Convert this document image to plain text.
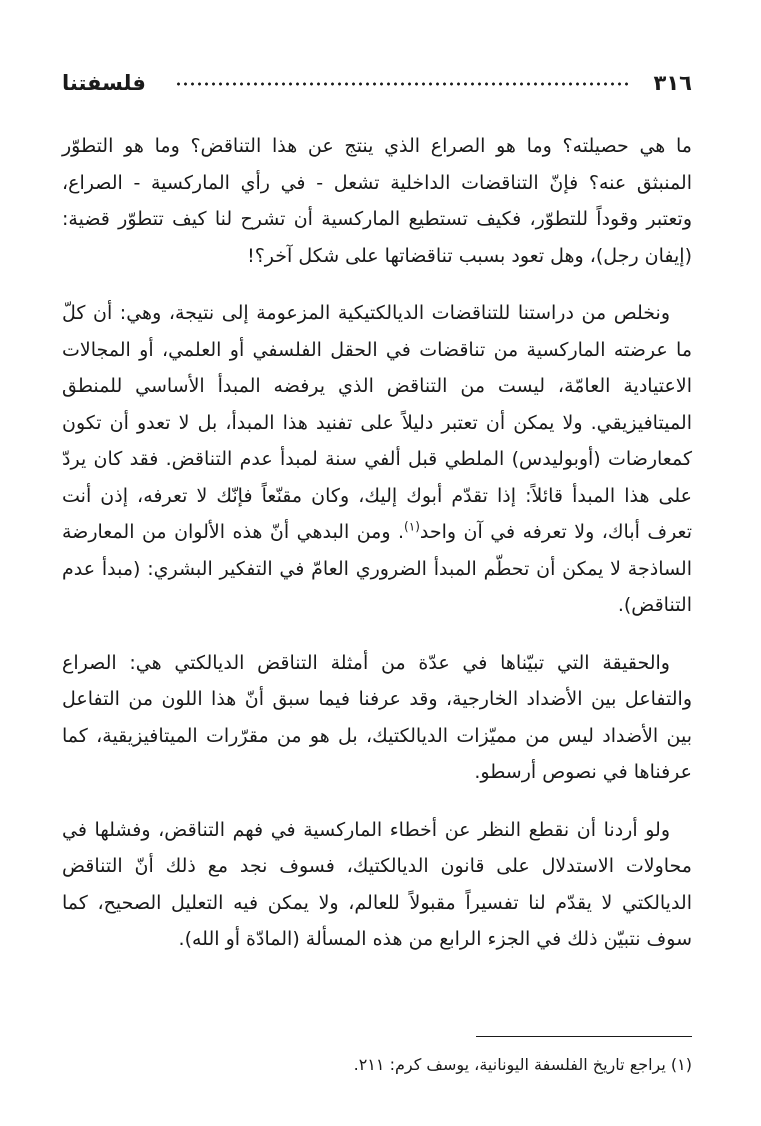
٣١٦
فلسفتنا

ما هي حصيلته؟ وما هو الصراع الذي ينتج عن هذا التناقض؟ وما هو التطوّر المنبثق عنه؟ فإنّ التناقضات الداخلية تشعل - في رأي الماركسية - الصراع، وتعتبر وقوداً للتطوّر، فكيف تستطيع الماركسية أن تشرح لنا كيف تتطوّر قضية: (إيفان رجل)، وهل تعود بسبب تناقضاتها على شكل آخر؟!

ونخلص من دراستنا للتناقضات الديالكتيكية المزعومة إلى نتيجة، وهي: أن كلّ ما عرضته الماركسية من تناقضات في الحقل الفلسفي أو العلمي، أو المجالات الاعتيادية العامّة، ليست من التناقض الذي يرفضه المبدأ الأساسي للمنطق الميتافيزيقي. ولا يمكن أن تعتبر دليلاً على تفنيد هذا المبدأ، بل لا تعدو أن تكون كمعارضات (أوبوليدس) الملطي قبل ألفي سنة لمبدأ عدم التناقض. فقد كان يردّ على هذا المبدأ قائلاً: إذا تقدّم أبوك إليك، وكان مقنّعاً فإنّك لا تعرفه، إذن أنت تعرف أباك، ولا تعرفه في آن واحد$^{(١)}$. ومن البدهي أنّ هذه الألوان من المعارضة الساذجة لا يمكن أن تحطّم المبدأ الضروري العامّ في التفكير البشري: (مبدأ عدم التناقض).

والحقيقة التي تبيّناها في عدّة من أمثلة التناقض الديالكتي هي: الصراع والتفاعل بين الأضداد الخارجية، وقد عرفنا فيما سبق أنّ هذا اللون من التفاعل بين الأضداد ليس من مميّزات الديالكتيك، بل هو من مقرّرات الميتافيزيقية، كما عرفناها في نصوص أرسطو.

ولو أردنا أن نقطع النظر عن أخطاء الماركسية في فهم التناقض، وفشلها في محاولات الاستدلال على قانون الديالكتيك، فسوف نجد مع ذلك أنّ التناقض الديالكتي لا يقدّم لنا تفسيراً مقبولاً للعالم، ولا يمكن فيه التعليل الصحيح، كما سوف نتبيّن ذلك في الجزء الرابع من هذه المسألة (المادّة أو الله).

(١) يراجع تاريخ الفلسفة اليونانية، يوسف كرم: ٢١١.
